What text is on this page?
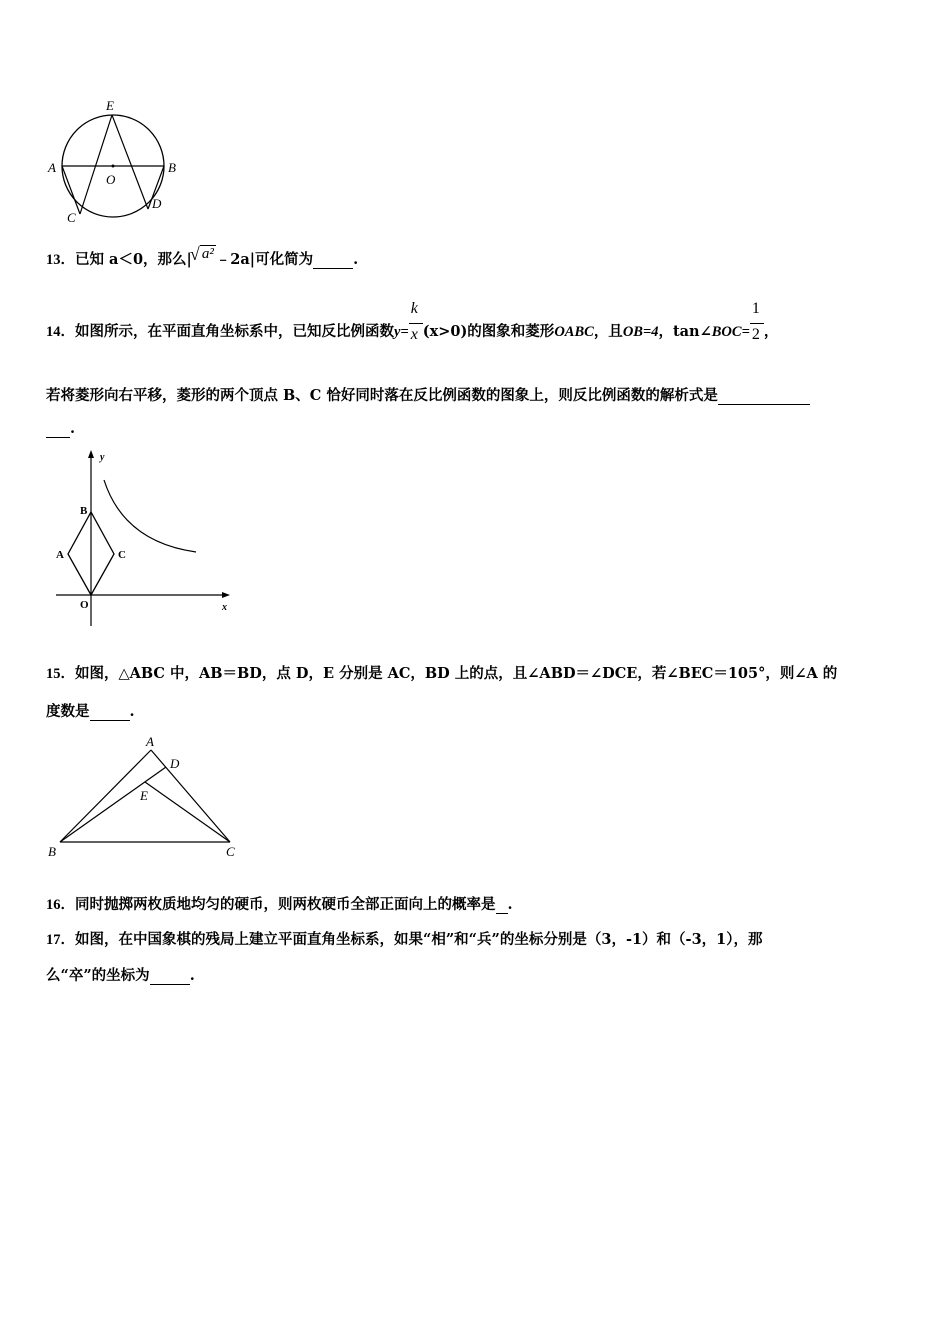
E
A	B
O
C
D
13．已知 a＜0，那么|√ a² ﹣2a|可化简为	.
14．如图所示，在平面直角坐标系中，已知反比例函数$y= \frac{k}{x} (x>0)$的图象和菱形OABC，且OB=4，tan∠BOC= $\frac{1}{2}$ ，
若将菱形向右平移，菱形的两个顶点 B、C 恰好同时落在反比例函数的图象上，则反比例函数的解析式是
.
y
x
B
A	C
O
15．如图，△ABC 中，AB＝BD，点 D，E 分别是 AC，BD 上的点，且∠ABD＝∠DCE，若∠BEC＝105°，则∠A 的
度数是	.
A
D
E
B	C
16．同时抛掷两枚质地均匀的硬币，则两枚硬币全部正面向上的概率是 .
17．如图，在中国象棋的残局上建立平面直角坐标系，如果“相”和“兵”的坐标分别是（3，-1）和（-3，1），那
么“卒”的坐标为	.
